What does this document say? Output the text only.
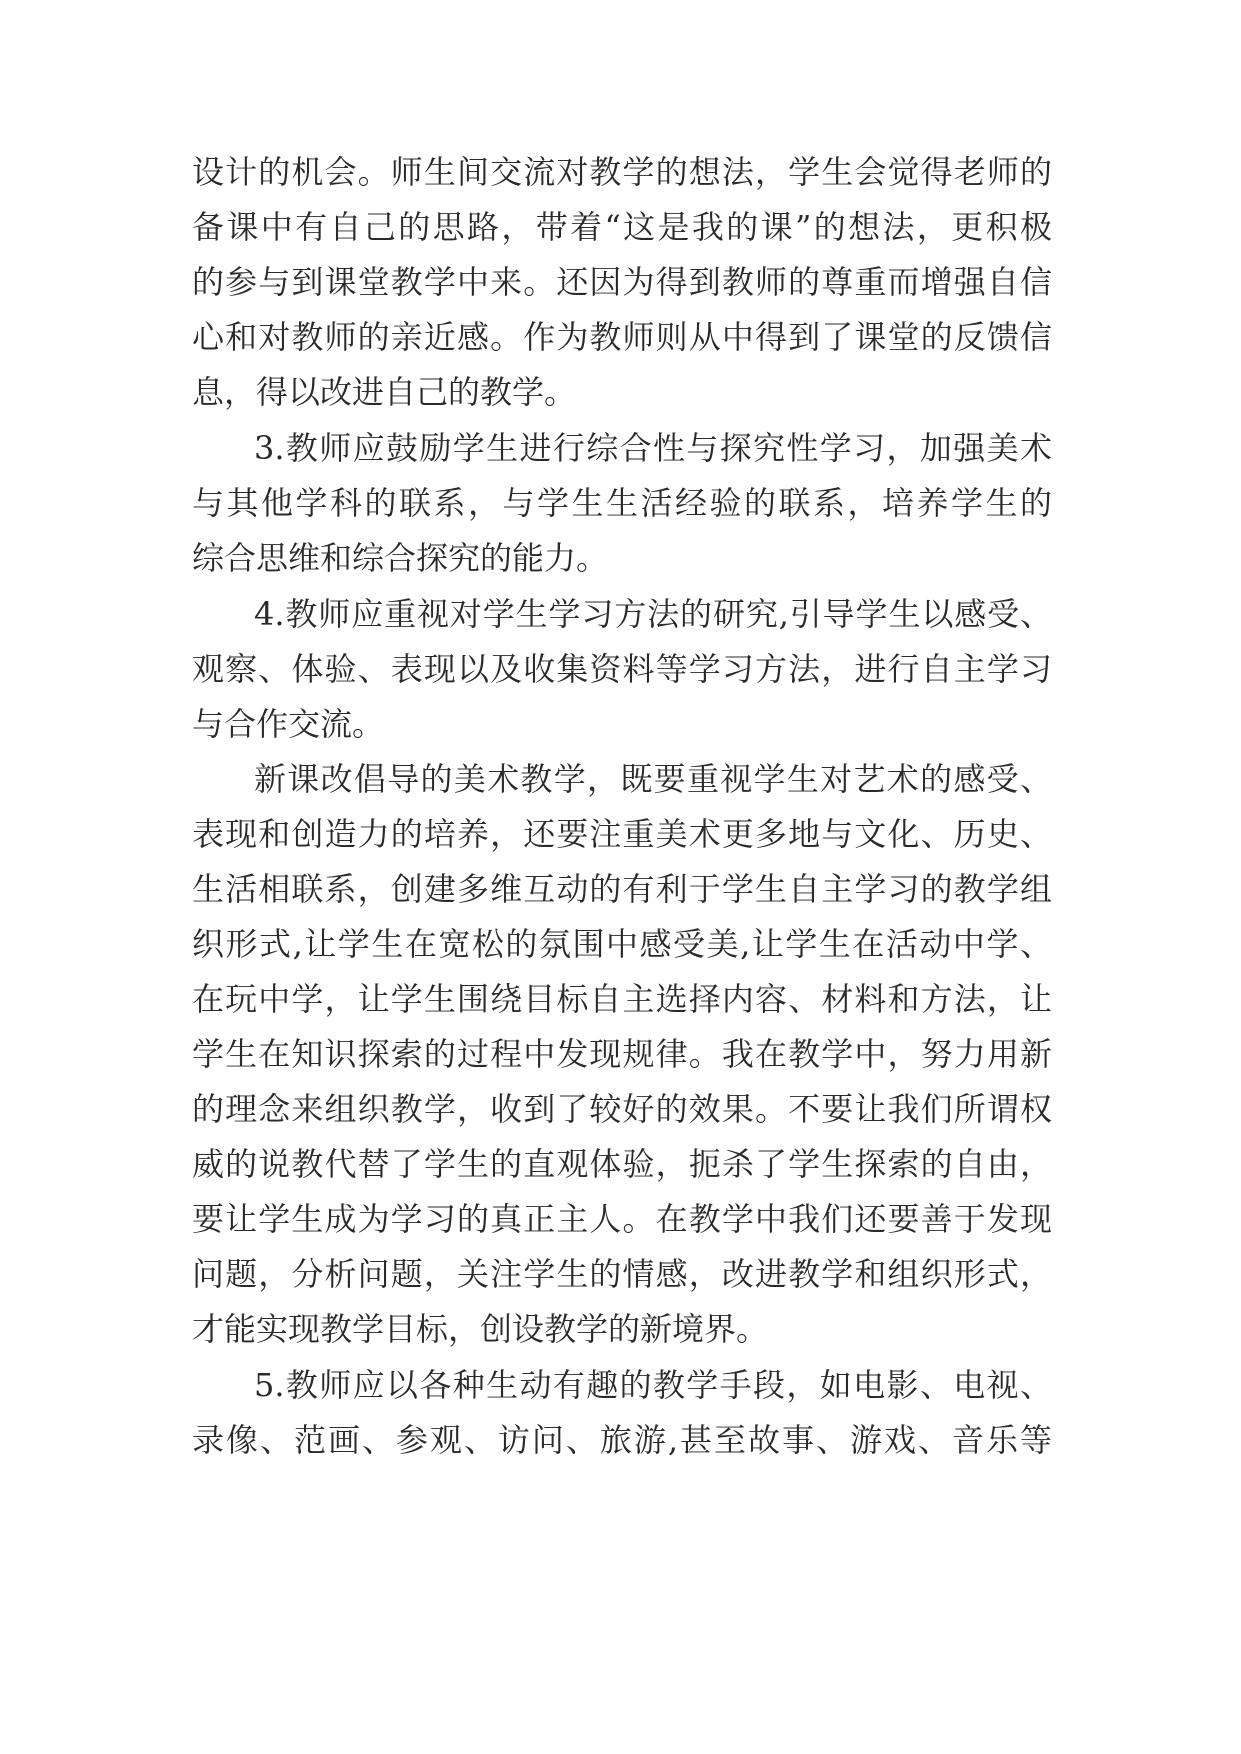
设计的机会。师生间交流对教学的想法，学生会觉得老师的
备课中有自己的思路，带着“这是我的课”的想法，更积极
的参与到课堂教学中来。还因为得到教师的尊重而增强自信
心和对教师的亲近感。作为教师则从中得到了课堂的反馈信
息，得以改进自己的教学。
3.教师应鼓励学生进行综合性与探究性学习，加强美术
与其他学科的联系，与学生生活经验的联系，培养学生的
综合思维和综合探究的能力。
4.教师应重视对学生学习方法的研究,引导学生以感受、
观察、体验、表现以及收集资料等学习方法，进行自主学习
与合作交流。
新课改倡导的美术教学，既要重视学生对艺术的感受、
表现和创造力的培养，还要注重美术更多地与文化、历史、
生活相联系，创建多维互动的有利于学生自主学习的教学组
织形式,让学生在宽松的氛围中感受美,让学生在活动中学、
在玩中学，让学生围绕目标自主选择内容、材料和方法，让
学生在知识探索的过程中发现规律。我在教学中，努力用新
的理念来组织教学，收到了较好的效果。不要让我们所谓权
威的说教代替了学生的直观体验，扼杀了学生探索的自由，
要让学生成为学习的真正主人。在教学中我们还要善于发现
问题，分析问题，关注学生的情感，改进教学和组织形式，
才能实现教学目标，创设教学的新境界。
5.教师应以各种生动有趣的教学手段，如电影、电视、
录像、范画、参观、访问、旅游,甚至故事、游戏、音乐等
